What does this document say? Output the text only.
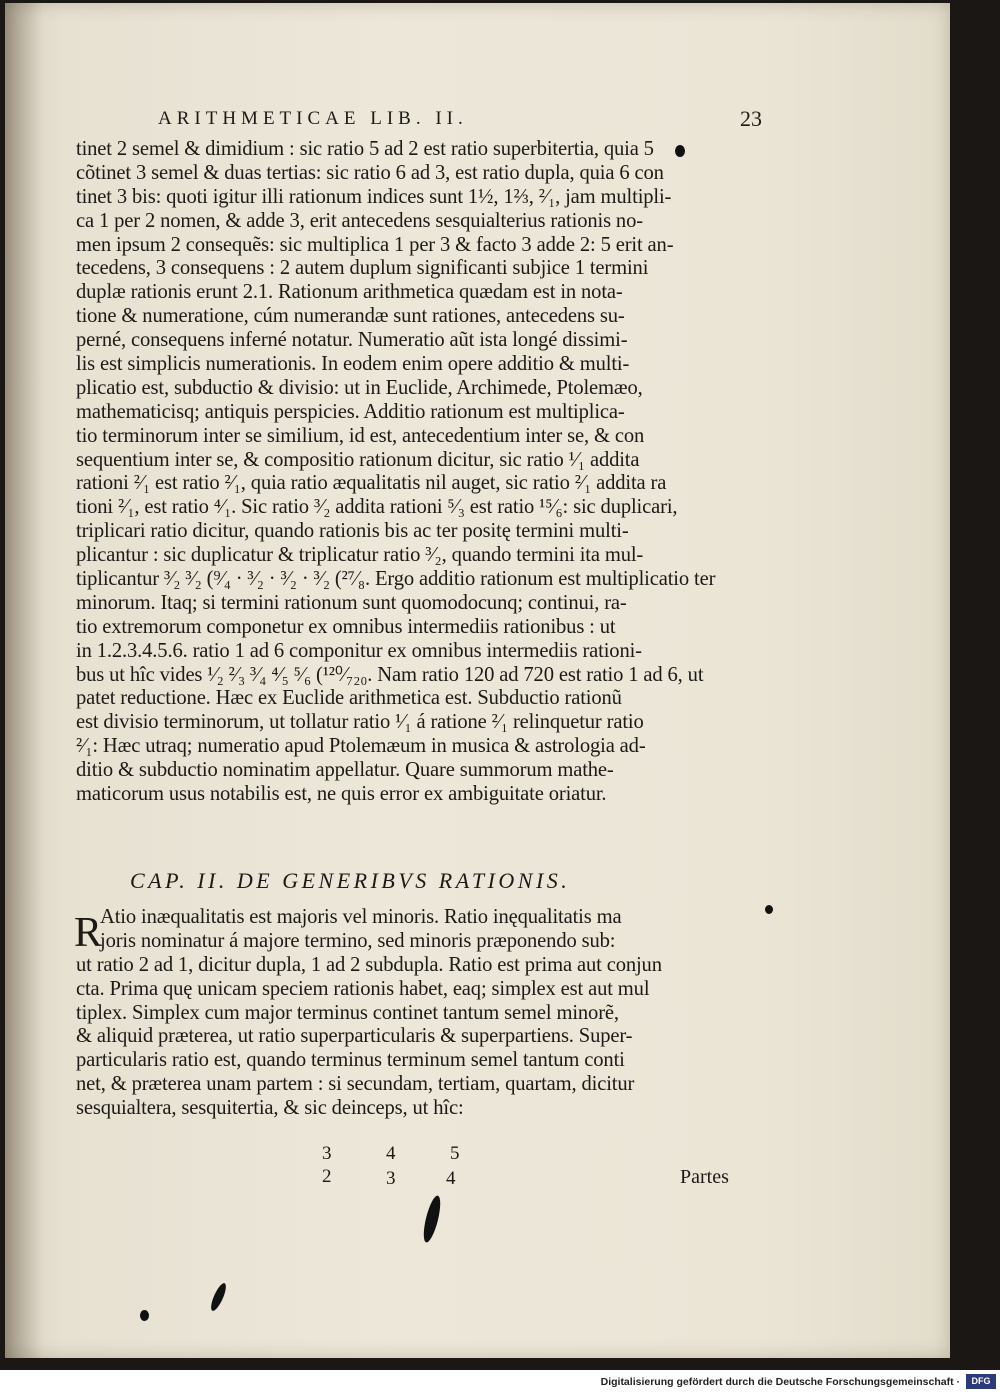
ARITHMETICAE LIB. II.	23
tinet 2 semel & dimidium : sic ratio 5 ad 2 est ratio superbitertia, quia 5
cõtinet 3 semel & duas tertias: sic ratio 6 ad 3, est ratio dupla, quia 6 con
tinet 3 bis: quoti igitur illi rationum indices sunt 1½, 1⅔, ²⁄₁, jam multipli-
ca 1 per 2 nomen, & adde 3, erit antecedens sesquialterius rationis no-
men ipsum 2 consequẽs: sic multiplica 1 per 3 & facto 3 adde 2: 5 erit an-
tecedens, 3 consequens : 2 autem duplum significanti subjice 1 termini
duplæ rationis erunt 2.1. Rationum arithmetica quædam est in nota-
tione & numeratione, cúm numerandæ sunt rationes, antecedens su-
perné, consequens inferné notatur. Numeratio aũt ista longé dissimi-
lis est simplicis numerationis. In eodem enim opere additio & multi-
plicatio est, subductio & divisio: ut in Euclide, Archimede, Ptolemæo,
mathematicisq; antiquis perspicies. Additio rationum est multiplica-
tio terminorum inter se similium, id est, antecedentium inter se, & con
sequentium inter se, & compositio rationum dicitur, sic ratio ¹⁄₁ addita
rationi ²⁄₁ est ratio ²⁄₁, quia ratio æqualitatis nil auget, sic ratio ²⁄₁ addita ra
tioni ²⁄₁, est ratio ⁴⁄₁. Sic ratio ³⁄₂ addita rationi ⁵⁄₃ est ratio ¹⁵⁄₆: sic duplicari,
triplicari ratio dicitur, quando rationis bis ac ter positę termini multi-
plicantur : sic duplicatur & triplicatur ratio ³⁄₂, quando termini ita mul-
tiplicantur ³⁄₂ ³⁄₂ (⁹⁄₄ · ³⁄₂ · ³⁄₂ · ³⁄₂ (²⁷⁄₈. Ergo additio rationum est multiplicatio ter
minorum. Itaq; si termini rationum sunt quomodocunq; continui, ra-
tio extremorum componetur ex omnibus intermediis rationibus : ut
in 1.2.3.4.5.6. ratio 1 ad 6 componitur ex omnibus intermediis rationi-
bus ut hîc vides ¹⁄₂ ²⁄₃ ³⁄₄ ⁴⁄₅ ⁵⁄₆ (¹²⁰⁄₇₂₀. Nam ratio 120 ad 720 est ratio 1 ad 6, ut
patet reductione. Hæc ex Euclide arithmetica est. Subductio rationũ
est divisio terminorum, ut tollatur ratio ¹⁄₁ á ratione ²⁄₁ relinquetur ratio
²⁄₁: Hæc utraq; numeratio apud Ptolemæum in musica & astrologia ad-
ditio & subductio nominatim appellatur. Quare summorum mathe-
maticorum usus notabilis est, ne quis error ex ambiguitate oriatur.
CAP. II. DE GENERIBVS RATIONIS.
R
Atio inæqualitatis est majoris vel minoris. Ratio inęqualitatis ma
joris nominatur á majore termino, sed minoris præponendo sub:
ut ratio 2 ad 1, dicitur dupla, 1 ad 2 subdupla. Ratio est prima aut conjun
cta. Prima quę unicam speciem rationis habet, eaq; simplex est aut mul
tiplex. Simplex cum major terminus continet tantum semel minorẽ,
& aliquid præterea, ut ratio superparticularis & superpartiens. Super-
particularis ratio est, quando terminus terminum semel tantum conti
net, & præterea unam partem : si secundam, tertiam, quartam, dicitur
sesquialtera, sesquitertia, & sic deinceps, ut hîc:
3	4	5
2	3	4	Partes
Digitalisierung gefördert durch die Deutsche Forschungsgemeinschaft ·	DFG
